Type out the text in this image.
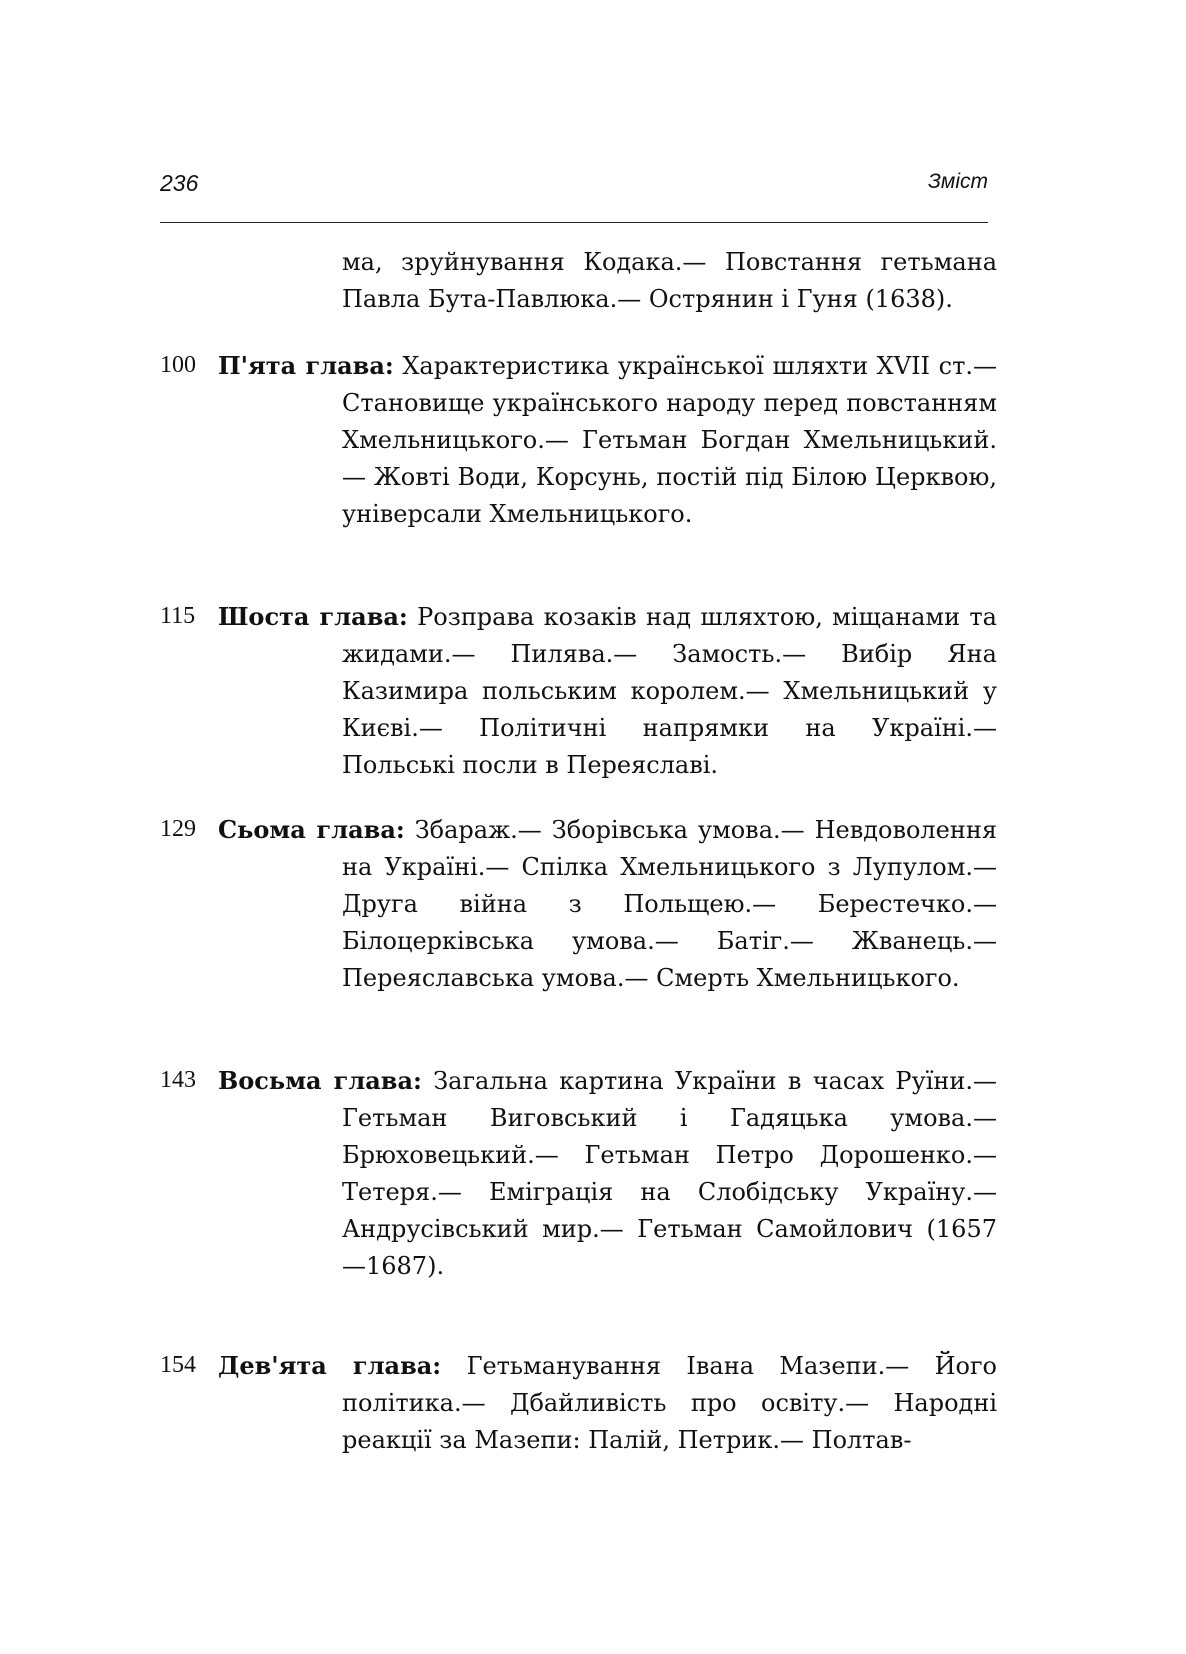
236	Зміст
ма, зруйнування Кодака.— Повстання гетьмана Павла Бута-Павлюка.— Острянин і Гуня (1638).
100 П'ята глава: Характеристика української шляхти XVII ст.— Становище українського народу перед повстанням Хмельницького.— Гетьман Богдан Хмельницький.— Жовті Води, Корсунь, постій під Білою Церквою, універсали Хмельницького.
115 Шоста глава: Розправа козаків над шляхтою, міщанами та жидами.— Пилява.— Замость.— Вибір Яна Казимира польським королем.— Хмельницький у Києві.— Політичні напрямки на Україні.— Польські посли в Переяславі.
129 Сьома глава: Збараж.— Зборівська умова.— Невдоволення на Україні.— Спілка Хмельницького з Лупулом.— Друга війна з Польщею.— Берестечко.— Білоцерківська умова.— Батіг.— Жванець.— Переяславська умова.— Смерть Хмельницького.
143 Восьма глава: Загальна картина України в часах Руїни.— Гетьман Виговський і Гадяцька умова.— Брюховецький.— Гетьман Петро Дорошенко.— Тетеря.— Еміграція на Слобідську Україну.— Андрусівський мир.— Гетьман Самойлович (1657—1687).
154 Дев'ята глава: Гетьманування Івана Мазепи.— Його політика.— Дбайливість про освіту.— Народні реакції за Мазепи: Палій, Петрик.— Полтав-
